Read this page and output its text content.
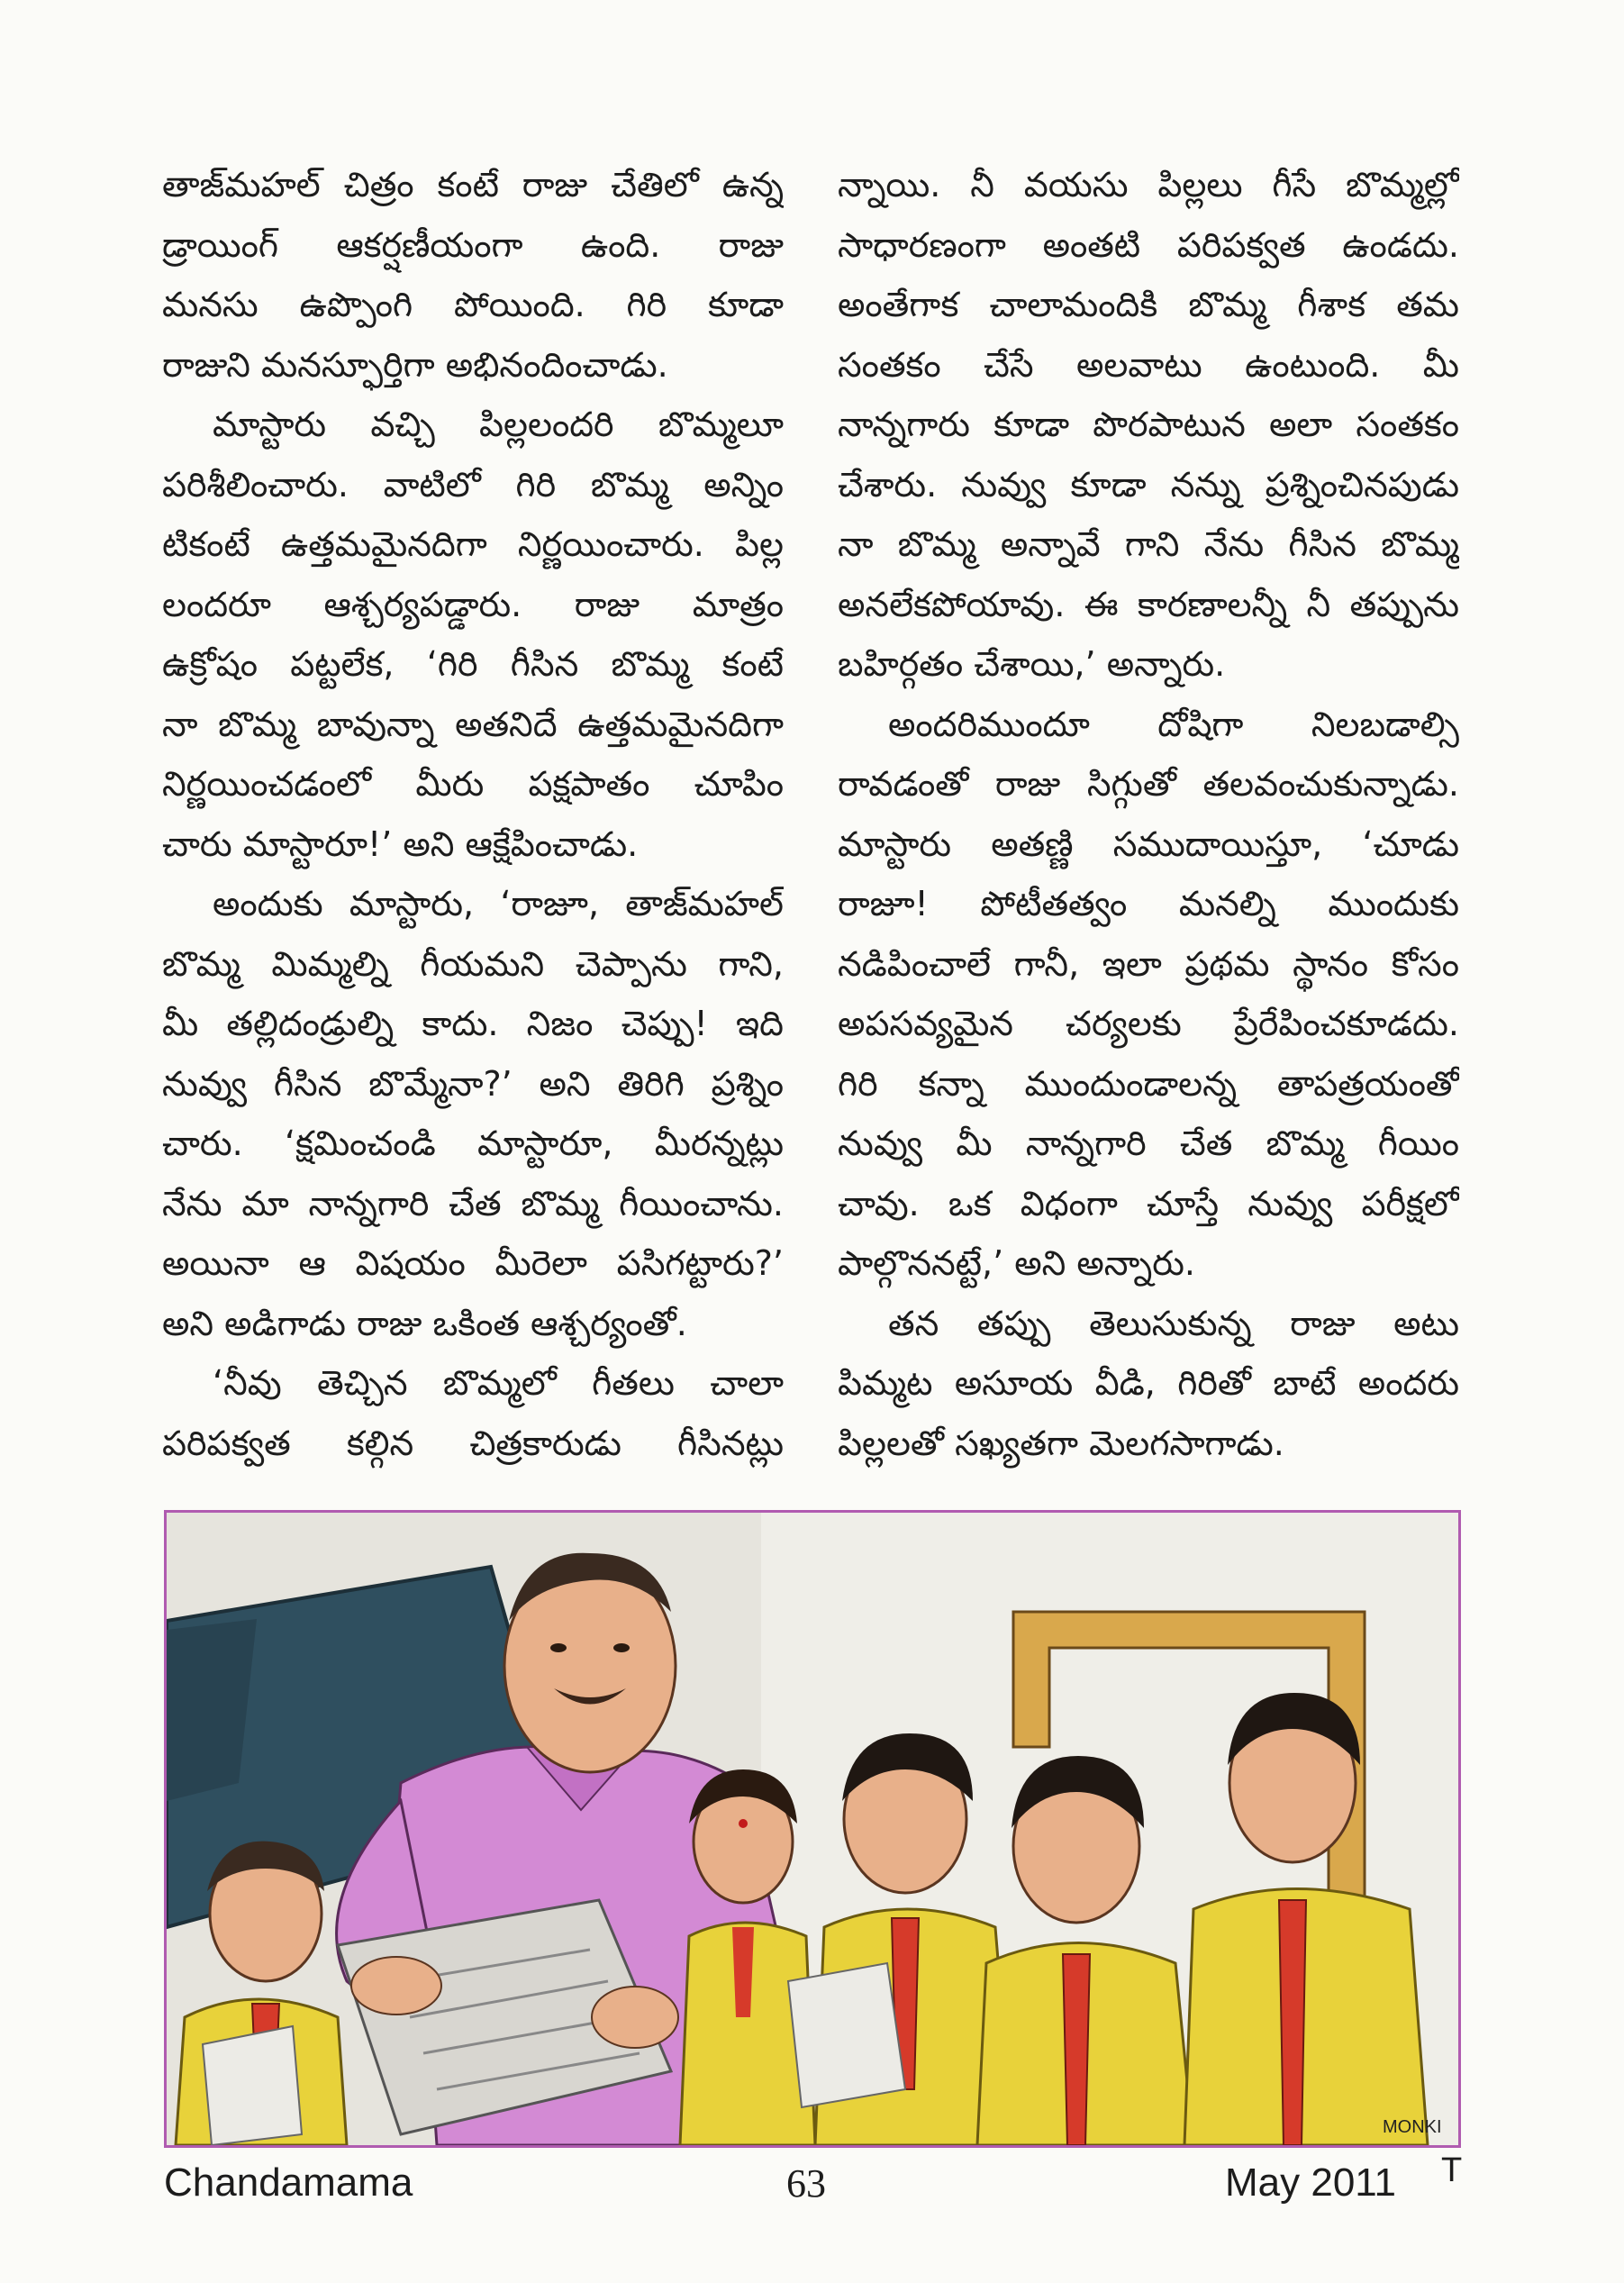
తాజ్‌మహల్ చిత్రం కంటే రాజు చేతిలో ఉన్న
డ్రాయింగ్ ఆకర్షణీయంగా ఉంది. రాజు
మనసు ఉప్పొంగి పోయింది. గిరి కూడా
రాజుని మనస్ఫూర్తిగా అభినందించాడు.
మాస్టారు వచ్చి పిల్లలందరి బొమ్మలూ
పరిశీలించారు. వాటిలో గిరి బొమ్మ అన్నిం
టికంటే ఉత్తమమైనదిగా నిర్ణయించారు. పిల్ల
లందరూ ఆశ్చర్యపడ్డారు. రాజు మాత్రం
ఉక్రోషం పట్టలేక, ‘గిరి గీసిన బొమ్మ కంటే
నా బొమ్మ బావున్నా అతనిదే ఉత్తమమైనదిగా
నిర్ణయించడంలో మీరు పక్షపాతం చూపిం
చారు మాస్టారూ!’ అని ఆక్షేపించాడు.
అందుకు మాస్టారు, ‘రాజూ, తాజ్‌మహల్
బొమ్మ మిమ్మల్ని గీయమని చెప్పాను గాని,
మీ తల్లిదండ్రుల్ని కాదు. నిజం చెప్పు! ఇది
నువ్వు గీసిన బొమ్మేనా?’ అని తిరిగి ప్రశ్నిం
చారు. ‘క్షమించండి మాస్టారూ, మీరన్నట్లు
నేను మా నాన్నగారి చేత బొమ్మ గీయించాను.
అయినా ఆ విషయం మీరెలా పసిగట్టారు?’
అని అడిగాడు రాజు ఒకింత ఆశ్చర్యంతో.
‘నీవు తెచ్చిన బొమ్మలో గీతలు చాలా
పరిపక్వత కల్గిన చిత్రకారుడు గీసినట్లు
న్నాయి. నీ వయసు పిల్లలు గీసే బొమ్మల్లో
సాధారణంగా అంతటి పరిపక్వత ఉండదు.
అంతేగాక చాలామందికి బొమ్మ గీశాక తమ
సంతకం చేసే అలవాటు ఉంటుంది. మీ
నాన్నగారు కూడా పొరపాటున అలా సంతకం
చేశారు. నువ్వు కూడా నన్ను ప్రశ్నించినపుడు
నా బొమ్మ అన్నావే గాని నేను గీసిన బొమ్మ
అనలేకపోయావు. ఈ కారణాలన్నీ నీ తప్పును
బహిర్గతం చేశాయి,’ అన్నారు.
అందరిముందూ దోషిగా నిలబడాల్సి
రావడంతో రాజు సిగ్గుతో తలవంచుకున్నాడు.
మాస్టారు అతణ్ణి సముదాయిస్తూ, ‘చూడు
రాజూ! పోటీతత్వం మనల్ని ముందుకు
నడిపించాలే గానీ, ఇలా ప్రథమ స్థానం కోసం
అపసవ్యమైన చర్యలకు ప్రేరేపించకూడదు.
గిరి కన్నా ముందుండాలన్న తాపత్రయంతో
నువ్వు మీ నాన్నగారి చేత బొమ్మ గీయిం
చావు. ఒక విధంగా చూస్తే నువ్వు పరీక్షలో
పాల్గొననట్టే,’ అని అన్నారు.
తన తప్పు తెలుసుకున్న రాజు అటు
పిమ్మట అసూయ వీడి, గిరితో బాటే అందరు
పిల్లలతో సఖ్యతగా మెలగసాగాడు.
MONKI
Chandamama	63	May 2011 T
